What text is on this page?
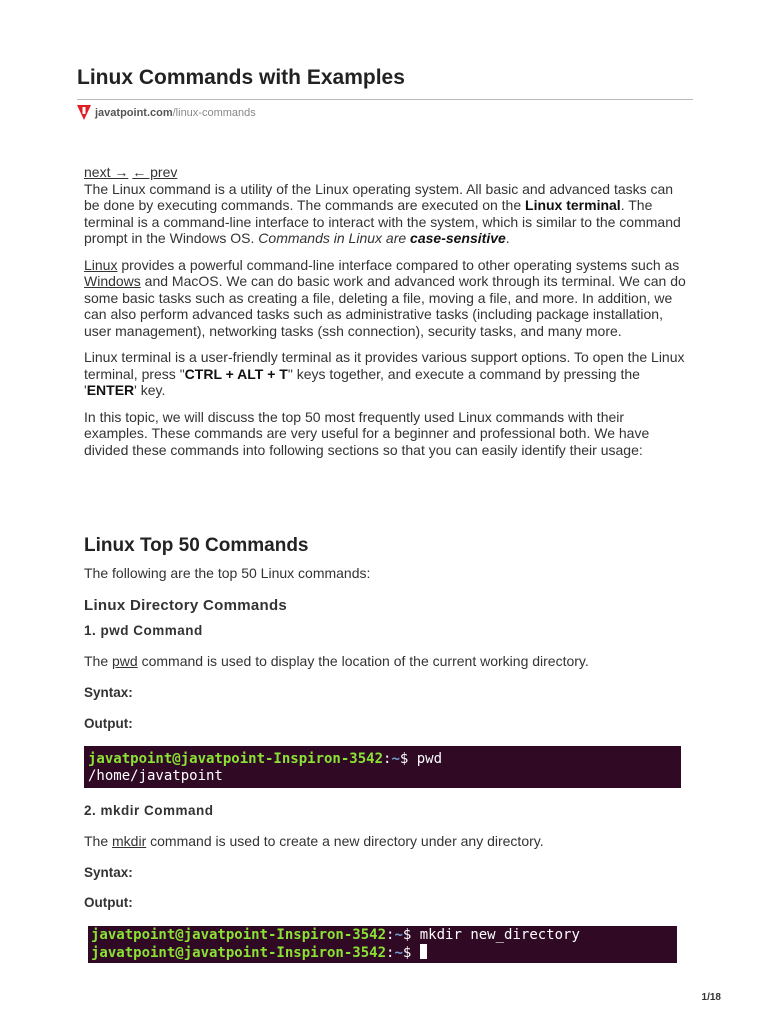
Linux Commands with Examples
javatpoint.com /linux-commands
next → ← prev

The Linux command is a utility of the Linux operating system. All basic and advanced tasks can be done by executing commands. The commands are executed on the Linux terminal. The terminal is a command-line interface to interact with the system, which is similar to the command prompt in the Windows OS. Commands in Linux are case-sensitive.

Linux provides a powerful command-line interface compared to other operating systems such as Windows and MacOS. We can do basic work and advanced work through its terminal. We can do some basic tasks such as creating a file, deleting a file, moving a file, and more. In addition, we can also perform advanced tasks such as administrative tasks (including package installation, user management), networking tasks (ssh connection), security tasks, and many more.

Linux terminal is a user-friendly terminal as it provides various support options. To open the Linux terminal, press "CTRL + ALT + T" keys together, and execute a command by pressing the 'ENTER' key.

In this topic, we will discuss the top 50 most frequently used Linux commands with their examples. These commands are very useful for a beginner and professional both. We have divided these commands into following sections so that you can easily identify their usage:

Linux Top 50 Commands
The following are the top 50 Linux commands:
Linux Directory Commands
1. pwd Command
The pwd command is used to display the location of the current working directory.
Syntax:
Output:
javatpoint@javatpoint-Inspiron-3542:~$ pwd
/home/javatpoint
2. mkdir Command
The mkdir command is used to create a new directory under any directory.
Syntax:
Output:
javatpoint@javatpoint-Inspiron-3542:~$ mkdir new_directory
javatpoint@javatpoint-Inspiron-3542:~$
1/18
